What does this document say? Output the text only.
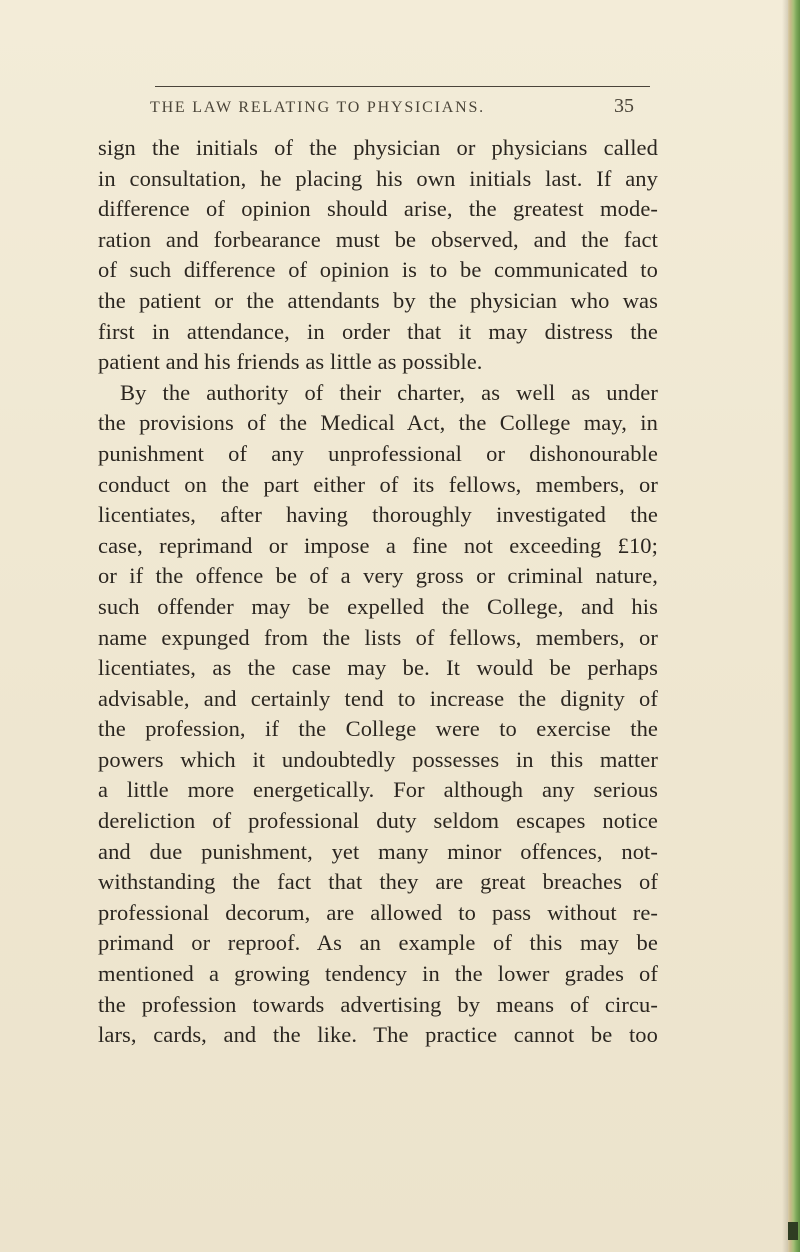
THE LAW RELATING TO PHYSICIANS.	35
sign the initials of the physician or physicians called
in consultation, he placing his own initials last. If any
difference of opinion should arise, the greatest mode-
ration and forbearance must be observed, and the fact
of such difference of opinion is to be communicated to
the patient or the attendants by the physician who was
first in attendance, in order that it may distress the
patient and his friends as little as possible.
By the authority of their charter, as well as under
the provisions of the Medical Act, the College may, in
punishment of any unprofessional or dishonourable
conduct on the part either of its fellows, members, or
licentiates, after having thoroughly investigated the
case, reprimand or impose a fine not exceeding £10;
or if the offence be of a very gross or criminal nature,
such offender may be expelled the College, and his
name expunged from the lists of fellows, members, or
licentiates, as the case may be. It would be perhaps
advisable, and certainly tend to increase the dignity of
the profession, if the College were to exercise the
powers which it undoubtedly possesses in this matter
a little more energetically. For although any serious
dereliction of professional duty seldom escapes notice
and due punishment, yet many minor offences, not-
withstanding the fact that they are great breaches of
professional decorum, are allowed to pass without re-
primand or reproof. As an example of this may be
mentioned a growing tendency in the lower grades of
the profession towards advertising by means of circu-
lars, cards, and the like. The practice cannot be too
